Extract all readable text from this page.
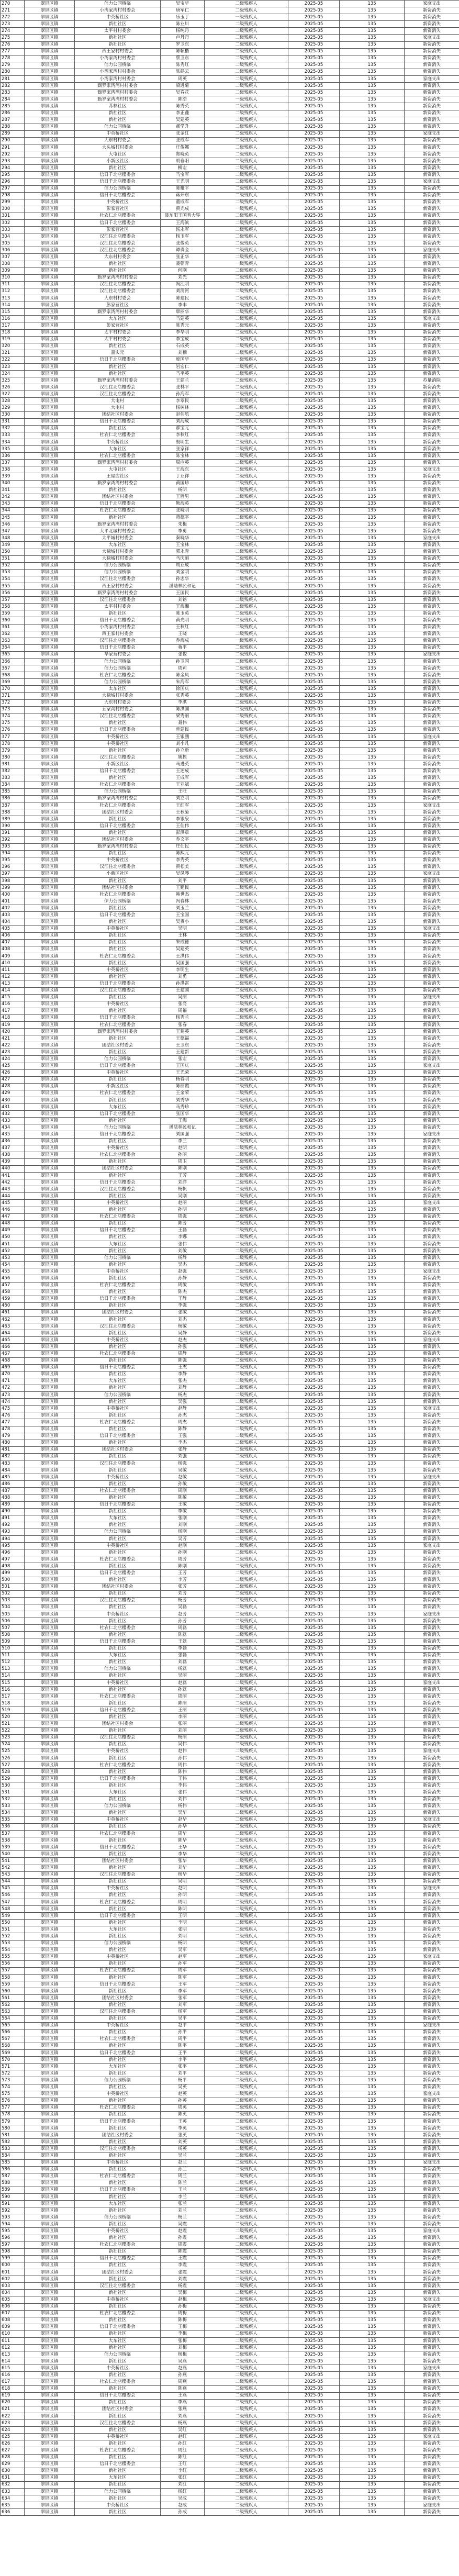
270	翠屏区镇	信力公园桥临	吴宝华	二级残疾人	2025-05	135	家庭支出
271	翠屏区镇	小湾家湾村村委会	唐军仁	二级残疾人	2025-05	135	新资消失
272	翠屏区镇	中英桥社区	乐玉丁	一级残疾人	2025-05	135	新资消失
273	翠屏区镇	新社社区	陈业川	二级残疾人	2025-05	135	新资消失
274	翠屏区镇	太平村村委会	杨纯丹	二级残疾人	2025-05	135	新资消失
275	翠屏区镇	新社社区	卢丹丹	二级残疾人	2025-05	135	家庭支出
276	翠屏区镇	新社社区	罗卫东	二级残疾人	2025-05	135	新资消失
277	翠屏区镇	西王家村村委会	陈帧楷	二级残疾人	2025-05	135	新资消失
278	翠屏区镇	小湾家湾村村委会	蔡卫东	二级残疾人	2025-05	135	新资消失
279	翠屏区镇	信力公园桥临	陈秀红	二级残疾人	2025-05	135	新资消失
280	翠屏区镇	小湾家湾村村委会	陈鹤云	二级残疾人	2025-05	135	新资消失
281	翠屏区镇	小湾家湾村村委会	周英	二级残疾人	2025-05	135	家庭支出
282	翠屏区镇	甄罗家湾湾村村委会	梁进菊	二级残疾人	2025-05	135	新资消失
283	翠屏区镇	甄罗家湾湾村村委会	吴春花	二级残疾人	2025-05	135	新资消失
284	翠屏区镇	甄罗家湾湾村村委会	陈浩	一级残疾人	2025-05	135	新资消失
285	翠屏区镇	苏林社区	陈秀英	二级残疾人	2025-05	135	新资消失
286	翠屏区镇	新社社区	李正鑫	二级残疾人	2025-05	135	新资消失
287	翠屏区镇	新社社区	吴建英	二级残疾人	2025-05	135	新资消失
288	翠屏区镇	信力公园桥临	郝学升	二级残疾人	2025-05	135	新资消失
289	翠屏区镇	中英桥社区	张金红	二级残疾人	2025-05	135	家庭支出
290	翠屏区镇	大东村村委会	张成军	二级残疾人	2025-05	135	新资消失
291	翠屏区镇	大头城村村委会	庄俊娜	二级残疾人	2025-05	135	新资消失
292	翠屏区镇	大屯社区	郑晓英	二级残疾人	2025-05	135	新资消失
293	翠屏区镇	小新区社区	胡春阳	二级残疾人	2025-05	135	新资消失
294	翠屏区镇	新社社区	柳宏	二级残疾人	2025-05	135	新资消失
295	翠屏区镇	信日千北店樱委会	马宝军	二级残疾人	2025-05	135	新资消失
296	翠屏区镇	信日千北店樱委会	王光明	二级残疾人	2025-05	135	家庭支出
297	翠屏区镇	信力公园桥临	陈耀平	二级残疾人	2025-05	135	新资消失
298	翠屏区镇	信日千北店樱委会	蒋开东	二级残疾人	2025-05	135	新资消失
299	翠屏区镇	中英桥社区	董成军	二级残疾人	2025-05	135	新资消失
300	翠屏区镇	彭家营社区	黄光成	一级残疾人	2025-05	135	新资消失
301	翠屏区镇	杜农仁北店樱委会	聂东阳王国普大界	二级残疾人	2025-05	135	新资消失
302	翠屏区镇	信日千北店樱委会	王海滨	二级残疾人	2025-05	135	新资消失
303	翠屏区镇	彭家营社区	汤永军	二级残疾人	2025-05	135	新资消失
304	翠屏区镇	汉江住北店樱委会	杨玉军	二级残疾人	2025-05	135	新资消失
305	翠屏区镇	汉江住北店樱委会	张俊英	二级残疾人	2025-05	135	新资消失
306	翠屏区镇	汉江住北店樱委会	谭贵金	二级残疾人	2025-05	135	家庭支出
307	翠屏区镇	大东村村委会	张正华	二级残疾人	2025-05	135	新资消失
308	翠屏区镇	新社社区	聂朝青	一级残疾人	2025-05	135	新资消失
309	翠屏区镇	新社社区	何刚	二级残疾人	2025-05	135	新资消失
310	翠屏区镇	甄罗家湾湾村村委会	刘光	二级残疾人	2025-05	135	新资消失
311	翠屏区镇	汉江住北店樱委会	冯江明	二级残疾人	2025-05	135	新资消失
312	翠屏区镇	汉江住北店樱委会	刘清河	二级残疾人	2025-05	135	新资消失
313	翠屏区镇	大东村村委会	陈建民	二级残疾人	2025-05	135	新资消失
314	翠屏区镇	彭家营社区	李丰	二级残疾人	2025-05	135	新资消失
315	翠屏区镇	甄罗家湾湾村村委会	覃丽华	二级残疾人	2025-05	135	新资消失
316	翠屏区镇	大东社区	马建英	二级残疾人	2025-05	135	家庭支出
317	翠屏区镇	彭家营社区	陈秀元	二级残疾人	2025-05	135	新资消失
318	翠屏区镇	太平村村委会	李华明	二级残疾人	2025-05	135	新资消失
319	翠屏区镇	太平村村委会	李宝成	二级残疾人	2025-05	135	新资消失
320	翠屏区镇	新社社区	石成英	二级残疾人	2025-05	135	新资消失
321	翠屏区镇	嘉实元	刘楠	二级残疾人	2025-05	135	新资消失
322	翠屏区镇	信日千北店樱委会	庞国华	一级残疾人	2025-05	135	新资消失
323	翠屏区镇	新社社区	岩宏仁	二级残疾人	2025-05	135	新资消失
324	翠屏区镇	新社社区	马平英	二级残疾人	2025-05	135	新资消失
325	翠屏区镇	甄罗家湾湾村村委会	王建兰	二级残疾人	2025-05	135	苏量消除
326	翠屏区镇	汉江住北店樱委会	张林平	二级残疾人	2025-05	135	新资消失
327	翠屏区镇	汉江住北店樱委会	孙海军	二级残疾人	2025-05	135	新资消失
328	翠屏区镇	大屯村	李翠民	二级残疾人	2025-05	135	新资消失
329	翠屏区镇	大屯村	杨树林	二级残疾人	2025-05	135	新资消失
330	翠屏区镇	团结社区村委会	赵伟航	二级残疾人	2025-05	135	新资消失
331	翠屏区镇	信日千北店樱委会	刘海成	二级残疾人	2025-05	135	新资消失
332	翠屏区镇	新社社区	郝宝元	二级残疾人	2025-05	135	新资消失
333	翠屏区镇	杜农仁北店樱委会	李秋红	二级残疾人	2025-05	135	新资消失
334	翠屏区镇	中英桥社区	殷明生	二级残疾人	2025-05	135	新资消失
335	翠屏区镇	大东社区	张家祥	二级残疾人	2025-05	135	新资消失
336	翠屏区镇	杜农仁北店樱委会	陈宝林	二级残疾人	2025-05	135	新资消失
337	翠屏区镇	甄罗家湾湾村村委会	周应英	二级残疾人	2025-05	135	新资消失
338	翠屏区镇	大屯社区	王海东	二级残疾人	2025-05	135	家庭支出
339	翠屏区镇	王屋店社区	丁亚祥	二级残疾人	2025-05	135	新资消失
340	翠屏区镇	甄罗家湾湾村村委会	黄国珍	二级残疾人	2025-05	135	新资消失
341	翠屏区镇	新社社区	杨明	二级残疾人	2025-05	135	新资消失
342	翠屏区镇	团结社区村委会	王胜男	二级残疾人	2025-05	135	新资消失
343	翠屏区镇	信日千北店樱委会	熊海英	二级残疾人	2025-05	135	新资消失
344	翠屏区镇	杜农仁北店樱委会	张晓明	二级残疾人	2025-05	135	新资消失
345	翠屏区镇	新社社区	蒋德平	二级残疾人	2025-05	135	新资消失
346	翠屏区镇	甄罗家湾湾村村委会	朱梅	二级残疾人	2025-05	135	新资消失
347	翠屏区镇	大平北城村村委会	李勇	二级残疾人	2025-05	135	新资消失
348	翠屏区镇	太平城村村委会	秦晓华	二级残疾人	2025-05	135	家庭支出
349	翠屏区镇	大东社区	王宝林	二级残疾人	2025-05	135	新资消失
350	翠屏区镇	大禄城村村委会	郭永青	二级残疾人	2025-05	135	新资消失
351	翠屏区镇	大禄城村村委会	马庆丽	二级残疾人	2025-05	135	新资消失
352	翠屏区镇	信力公园桥临	周业成	二级残疾人	2025-05	135	新资消失
353	翠屏区镇	信力公园桥临	刘金明	二级残疾人	2025-05	135	新资消失
354	翠屏区镇	汉江住北店樱委会	孙忠华	二级残疾人	2025-05	135	新资消失
355	翠屏区镇	西王家村村委会	潘陆林民和记	二级残疾人	2025-05	135	新资消失
356	翠屏区镇	甄罗家湾湾村村委会	王国民	二级残疾人	2025-05	135	新资消失
357	翠屏区镇	汉江住北店樱委会	刘铭	二级残疾人	2025-05	135	新资消失
358	翠屏区镇	太平村村委会	王海湘	二级残疾人	2025-05	135	新资消失
359	翠屏区镇	新社社区	陈玉英	二级残疾人	2025-05	135	新资消失
360	翠屏区镇	信日千北店樱委会	黄光明	二级残疾人	2025-05	135	新资消失
361	翠屏区镇	小湾家湾村村委会	王秋红	二级残疾人	2025-05	135	新资消失
362	翠屏区镇	西王家村村委会	王晓	二级残疾人	2025-05	135	新资消失
363	翠屏区镇	汉江住北店樱委会	乔海成	一级残疾人	2025-05	135	新资消失
364	翠屏区镇	信日千北店樱委会	蒋平	二级残疾人	2025-05	135	新资消失
365	翠屏区镇	华家营村委会	张俊	二级残疾人	2025-05	135	家庭支出
366	翠屏区镇	信力公园桥临	孙卫国	二级残疾人	2025-05	135	新资消失
367	翠屏区镇	信力公园桥临	周莉	二级残疾人	2025-05	135	新资消失
368	翠屏区镇	杜农仁北店樱委会	陈金凤	二级残疾人	2025-05	135	新资消失
369	翠屏区镇	信力公园桥临	朱海军	二级残疾人	2025-05	135	新资消失
370	翠屏区镇	太东社区	徐国庆	二级残疾人	2025-05	135	新资消失
371	翠屏区镇	大禄城村村委会	张秀英	二级残疾人	2025-05	135	新资消失
372	翠屏区镇	大东村村委会	李洪	二级残疾人	2025-05	135	新资消失
373	翠屏区镇	五家沟村村委会	陈洪国	二级残疾人	2025-05	135	新资消失
374	翠屏区镇	汉江住北店樱委会	梁秀丽	二级残疾人	2025-05	135	新资消失
375	翠屏区镇	新社社区	聂伟	二级残疾人	2025-05	135	新资消失
376	翠屏区镇	信日千北店樱委会	曾建民	二级残疾人	2025-05	135	新资消失
377	翠屏区镇	中英桥社区	王银鹏	二级残疾人	2025-05	135	家庭支出
378	翠屏区镇	中英桥社区	刘小凡	二级残疾人	2025-05	135	新资消失
379	翠屏区镇	新社社区	孙立新	二级残疾人	2025-05	135	新资消失
380	翠屏区镇	汉江住北店樱委会	姚振	二级残疾人	2025-05	135	新资消失
381	翠屏区镇	小新区社区	马进英	二级残疾人	2025-05	135	新资消失
382	翠屏区镇	信日千北店樱委会	王述成	二级残疾人	2025-05	135	新资消失
383	翠屏区镇	新社社区	王成军	二级残疾人	2025-05	135	新资消失
384	翠屏区镇	杜农仁北店樱委会	王亚斌	二级残疾人	2025-05	135	新资消失
385	翠屏区镇	信力公园桥临	王旺	二级残疾人	2025-05	135	新资消失
386	翠屏区镇	甄罗家湾湾村村委会	刘立明	二级残疾人	2025-05	135	新资消失
387	翠屏区镇	杜农仁北店樱委会	王红军	二级残疾人	2025-05	135	家庭支出
388	翠屏区镇	团结社区村委会	王秋菊	二级残疾人	2025-05	135	新资消失
389	翠屏区镇	新社社区	李银泉	二级残疾人	2025-05	135	新资消失
390	翠屏区镇	信日千北店樱委会	王佳伟	二级残疾人	2025-05	135	新资消失
391	翠屏区镇	新社社区	彭洪章	二级残疾人	2025-05	135	新资消失
392	翠屏区镇	团结社区村委会	乔文平	二级残疾人	2025-05	135	新资消失
393	翠屏区镇	甄罗家湾湾村村委会	庄仕民	二级残疾人	2025-05	135	新资消失
394	翠屏区镇	新社社区	陈熙元	二级残疾人	2025-05	135	新资消失
395	翠屏区镇	中英桥社区	李秀英	二级残疾人	2025-05	135	新资消失
396	翠屏区镇	汉江住北店樱委会	黄松美	二级残疾人	2025-05	135	新资消失
397	翠屏区镇	小新区社区	吴凤琴	二级残疾人	2025-05	135	家庭支出
398	翠屏区镇	新社社区	刘平	二级残疾人	2025-05	135	新资消失
399	翠屏区镇	团结社区村委会	王勤民	二级残疾人	2025-05	135	新资消失
400	翠屏区镇	杜农仁北店樱委会	韩世杰	二级残疾人	2025-05	135	新资消失
401	翠屏区镇	伊力公园桥临	冯春林	二级残疾人	2025-05	135	新资消失
402	翠屏区镇	新社社区	刘玉兰	二级残疾人	2025-05	135	新资消失
403	翠屏区镇	信日千北店樱委会	王宝国	二级残疾人	2025-05	135	新资消失
404	翠屏区镇	新社社区	吴贵小	二级残疾人	2025-05	135	新资消失
405	翠屏区镇	中英桥社区	吴明	二级残疾人	2025-05	135	家庭支出
406	翠屏区镇	新社社区	王林	二级残疾人	2025-05	135	新资消失
407	翠屏区镇	新社社区	朱成德	二级残疾人	2025-05	135	新资消失
408	翠屏区镇	新社社区	吴建英	二级残疾人	2025-05	135	新资消失
409	翠屏区镇	杜农仁北店樱委会	王洪伟	二级残疾人	2025-05	135	新资消失
410	翠屏区镇	新社社区	吴国强	二级残疾人	2025-05	135	新资消失
411	翠屏区镇	中英桥社区	李明生	二级残疾人	2025-05	135	新资消失
412	翠屏区镇	新社社区	刘勇	二级残疾人	2025-05	135	新资消失
413	翠屏区镇	信日千北店樱委会	孙洪雷	二级残疾人	2025-05	135	新资消失
414	翠屏区镇	汉江住北店樱委会	王建国	二级残疾人	2025-05	135	新资消失
415	翠屏区镇	新社社区	吴丽	二级残疾人	2025-05	135	家庭支出
416	翠屏区镇	中英桥社区	张亮	二级残疾人	2025-05	135	新资消失
417	翠屏区镇	新社社区	周福	二级残疾人	2025-05	135	新资消失
418	翠屏区镇	信日千北店樱委会	杨秀兰	二级残疾人	2025-05	135	新资消失
419	翠屏区镇	杜农仁北店樱委会	张春	二级残疾人	2025-05	135	新资消失
420	翠屏区镇	甄罗家湾湾村村委会	王菊英	二级残疾人	2025-05	135	新资消失
421	翠屏区镇	新社社区	王德福	二级残疾人	2025-05	135	新资消失
422	翠屏区镇	团结社区村委会	王卫东	二级残疾人	2025-05	135	新资消失
423	翠屏区镇	新社社区	王建新	二级残疾人	2025-05	135	新资消失
424	翠屏区镇	信力公园桥临	张宏	二级残疾人	2025-05	135	新资消失
425	翠屏区镇	信日千北店樱委会	王国庆	二级残疾人	2025-05	135	家庭支出
426	翠屏区镇	中英桥社区	王光荣	二级残疾人	2025-05	135	新资消失
427	翠屏区镇	新社社区	杨春明	二级残疾人	2025-05	135	新资消失
428	翠屏区镇	小新区社区	陈丽霞	二级残疾人	2025-05	135	新资消失
429	翠屏区镇	杜农仁北店樱委会	王金荣	二级残疾人	2025-05	135	新资消失
430	翠屏区镇	新社社区	刘秀华	二级残疾人	2025-05	135	新资消失
431	翠屏区镇	大东社区	马秀珍	二级残疾人	2025-05	135	新资消失
432	翠屏区镇	信日千北店樱委会	张国华	二级残疾人	2025-05	135	新资消失
433	翠屏区镇	新社社区	王海	二级残疾人	2025-05	135	新资消失
434	翠屏区镇	信力公园桥临	潘陆林民和记	二级残疾人	2025-05	135	新资消失
435	翠屏区镇	信日千北店樱委会	刘国强	二级残疾人	2025-05	135	家庭支出
436	翠屏区镇	新社社区	李兰	二级残疾人	2025-05	135	新资消失
437	翠屏区镇	中英桥社区	赵明	二级残疾人	2025-05	135	新资消失
438	翠屏区镇	杜农仁北店樱委会	孙丽	二级残疾人	2025-05	135	新资消失
439	翠屏区镇	新社社区	周卫	二级残疾人	2025-05	135	新资消失
440	翠屏区镇	团结社区村委会	陈刚	二级残疾人	2025-05	135	新资消失
441	翠屏区镇	新社社区	王芳	二级残疾人	2025-05	135	新资消失
442	翠屏区镇	信日千北店樱委会	刘洋	二级残疾人	2025-05	135	新资消失
443	翠屏区镇	汉江住北店樱委会	杨帆	二级残疾人	2025-05	135	新资消失
444	翠屏区镇	新社社区	吴刚	二级残疾人	2025-05	135	新资消失
445	翠屏区镇	中英桥社区	赵丽	二级残疾人	2025-05	135	家庭支出
446	翠屏区镇	新社社区	孙明	二级残疾人	2025-05	135	新资消失
447	翠屏区镇	杜农仁北店樱委会	周强	二级残疾人	2025-05	135	新资消失
448	翠屏区镇	新社社区	陈芳	二级残疾人	2025-05	135	新资消失
449	翠屏区镇	信日千北店樱委会	王磊	二级残疾人	2025-05	135	新资消失
450	翠屏区镇	新社社区	李娜	二级残疾人	2025-05	135	新资消失
451	翠屏区镇	大东社区	张伟	二级残疾人	2025-05	135	新资消失
452	翠屏区镇	新社社区	刘敏	二级残疾人	2025-05	135	新资消失
453	翠屏区镇	信力公园桥临	杨静	二级残疾人	2025-05	135	新资消失
454	翠屏区镇	新社社区	吴杰	二级残疾人	2025-05	135	新资消失
455	翠屏区镇	中英桥社区	赵强	二级残疾人	2025-05	135	家庭支出
456	翠屏区镇	新社社区	孙静	二级残疾人	2025-05	135	新资消失
457	翠屏区镇	杜农仁北店樱委会	周敏	二级残疾人	2025-05	135	新资消失
458	翠屏区镇	新社社区	陈杰	二级残疾人	2025-05	135	新资消失
459	翠屏区镇	信日千北店樱委会	王静	二级残疾人	2025-05	135	新资消失
460	翠屏区镇	新社社区	李强	二级残疾人	2025-05	135	新资消失
461	翠屏区镇	团结社区村委会	张敏	二级残疾人	2025-05	135	新资消失
462	翠屏区镇	新社社区	刘杰	二级残疾人	2025-05	135	新资消失
463	翠屏区镇	汉江住北店樱委会	杨敏	二级残疾人	2025-05	135	新资消失
464	翠屏区镇	新社社区	吴静	二级残疾人	2025-05	135	新资消失
465	翠屏区镇	中英桥社区	赵杰	二级残疾人	2025-05	135	家庭支出
466	翠屏区镇	新社社区	孙强	二级残疾人	2025-05	135	新资消失
467	翠屏区镇	杜农仁北店樱委会	周静	二级残疾人	2025-05	135	新资消失
468	翠屏区镇	新社社区	陈强	二级残疾人	2025-05	135	新资消失
469	翠屏区镇	信日千北店樱委会	王杰	二级残疾人	2025-05	135	新资消失
470	翠屏区镇	新社社区	李静	二级残疾人	2025-05	135	新资消失
471	翠屏区镇	大东社区	张杰	二级残疾人	2025-05	135	新资消失
472	翠屏区镇	新社社区	刘静	二级残疾人	2025-05	135	新资消失
473	翠屏区镇	信力公园桥临	杨杰	二级残疾人	2025-05	135	新资消失
474	翠屏区镇	新社社区	吴强	二级残疾人	2025-05	135	新资消失
475	翠屏区镇	中英桥社区	赵静	二级残疾人	2025-05	135	家庭支出
476	翠屏区镇	新社社区	孙杰	二级残疾人	2025-05	135	新资消失
477	翠屏区镇	杜农仁北店樱委会	周杰	二级残疾人	2025-05	135	新资消失
478	翠屏区镇	新社社区	陈静	二级残疾人	2025-05	135	新资消失
479	翠屏区镇	信日千北店樱委会	王强	二级残疾人	2025-05	135	新资消失
480	翠屏区镇	新社社区	李杰	二级残疾人	2025-05	135	新资消失
481	翠屏区镇	团结社区村委会	张静	二级残疾人	2025-05	135	新资消失
482	翠屏区镇	新社社区	刘强	二级残疾人	2025-05	135	新资消失
483	翠屏区镇	汉江住北店樱委会	杨强	二级残疾人	2025-05	135	新资消失
484	翠屏区镇	新社社区	吴敏	二级残疾人	2025-05	135	新资消失
485	翠屏区镇	中英桥社区	赵敏	二级残疾人	2025-05	135	家庭支出
486	翠屏区镇	新社社区	孙敏	二级残疾人	2025-05	135	新资消失
487	翠屏区镇	杜农仁北店樱委会	周刚	二级残疾人	2025-05	135	新资消失
488	翠屏区镇	新社社区	陈敏	二级残疾人	2025-05	135	新资消失
489	翠屏区镇	信日千北店樱委会	王敏	二级残疾人	2025-05	135	新资消失
490	翠屏区镇	新社社区	李敏	二级残疾人	2025-05	135	新资消失
491	翠屏区镇	大东社区	张刚	二级残疾人	2025-05	135	新资消失
492	翠屏区镇	新社社区	刘刚	二级残疾人	2025-05	135	新资消失
493	翠屏区镇	信力公园桥临	杨刚	二级残疾人	2025-05	135	新资消失
494	翠屏区镇	新社社区	吴芳	二级残疾人	2025-05	135	新资消失
495	翠屏区镇	中英桥社区	赵刚	二级残疾人	2025-05	135	家庭支出
496	翠屏区镇	新社社区	孙刚	二级残疾人	2025-05	135	新资消失
497	翠屏区镇	杜农仁北店樱委会	周芳	二级残疾人	2025-05	135	新资消失
498	翠屏区镇	新社社区	陈刚	二级残疾人	2025-05	135	新资消失
499	翠屏区镇	信日千北店樱委会	王芳	二级残疾人	2025-05	135	新资消失
500	翠屏区镇	新社社区	李芳	二级残疾人	2025-05	135	新资消失
501	翠屏区镇	团结社区村委会	张芳	二级残疾人	2025-05	135	新资消失
502	翠屏区镇	新社社区	刘芳	二级残疾人	2025-05	135	新资消失
503	翠屏区镇	汉江住北店樱委会	杨芳	二级残疾人	2025-05	135	新资消失
504	翠屏区镇	新社社区	吴磊	二级残疾人	2025-05	135	新资消失
505	翠屏区镇	中英桥社区	赵芳	二级残疾人	2025-05	135	家庭支出
506	翠屏区镇	新社社区	孙芳	二级残疾人	2025-05	135	新资消失
507	翠屏区镇	杜农仁北店樱委会	周磊	二级残疾人	2025-05	135	新资消失
508	翠屏区镇	新社社区	陈磊	二级残疾人	2025-05	135	新资消失
509	翠屏区镇	信日千北店樱委会	王磊	二级残疾人	2025-05	135	新资消失
510	翠屏区镇	新社社区	李磊	二级残疾人	2025-05	135	新资消失
511	翠屏区镇	大东社区	张磊	二级残疾人	2025-05	135	新资消失
512	翠屏区镇	新社社区	刘磊	二级残疾人	2025-05	135	新资消失
513	翠屏区镇	信力公园桥临	杨磊	二级残疾人	2025-05	135	新资消失
514	翠屏区镇	新社社区	吴丽	二级残疾人	2025-05	135	新资消失
515	翠屏区镇	中英桥社区	赵磊	二级残疾人	2025-05	135	家庭支出
516	翠屏区镇	新社社区	孙磊	二级残疾人	2025-05	135	新资消失
517	翠屏区镇	杜农仁北店樱委会	周丽	二级残疾人	2025-05	135	新资消失
518	翠屏区镇	新社社区	陈丽	二级残疾人	2025-05	135	新资消失
519	翠屏区镇	信日千北店樱委会	王丽	二级残疾人	2025-05	135	新资消失
520	翠屏区镇	新社社区	李丽	二级残疾人	2025-05	135	新资消失
521	翠屏区镇	团结社区村委会	张丽	二级残疾人	2025-05	135	新资消失
522	翠屏区镇	新社社区	刘丽	二级残疾人	2025-05	135	新资消失
523	翠屏区镇	汉江住北店樱委会	杨丽	二级残疾人	2025-05	135	新资消失
524	翠屏区镇	新社社区	吴伟	二级残疾人	2025-05	135	新资消失
525	翠屏区镇	中英桥社区	赵伟	二级残疾人	2025-05	135	家庭支出
526	翠屏区镇	新社社区	孙伟	二级残疾人	2025-05	135	新资消失
527	翠屏区镇	杜农仁北店樱委会	周伟	二级残疾人	2025-05	135	新资消失
528	翠屏区镇	新社社区	陈伟	二级残疾人	2025-05	135	新资消失
529	翠屏区镇	信日千北店樱委会	王伟	二级残疾人	2025-05	135	新资消失
530	翠屏区镇	新社社区	李伟	二级残疾人	2025-05	135	新资消失
531	翠屏区镇	大东社区	张伟	二级残疾人	2025-05	135	新资消失
532	翠屏区镇	新社社区	刘伟	二级残疾人	2025-05	135	新资消失
533	翠屏区镇	信力公园桥临	杨伟	二级残疾人	2025-05	135	新资消失
534	翠屏区镇	新社社区	吴华	二级残疾人	2025-05	135	新资消失
535	翠屏区镇	中英桥社区	赵华	二级残疾人	2025-05	135	家庭支出
536	翠屏区镇	新社社区	孙华	二级残疾人	2025-05	135	新资消失
537	翠屏区镇	杜农仁北店樱委会	周华	二级残疾人	2025-05	135	新资消失
538	翠屏区镇	新社社区	陈华	二级残疾人	2025-05	135	新资消失
539	翠屏区镇	信日千北店樱委会	王华	二级残疾人	2025-05	135	新资消失
540	翠屏区镇	新社社区	李华	二级残疾人	2025-05	135	新资消失
541	翠屏区镇	团结社区村委会	张华	二级残疾人	2025-05	135	新资消失
542	翠屏区镇	新社社区	刘华	二级残疾人	2025-05	135	新资消失
543	翠屏区镇	汉江住北店樱委会	杨华	二级残疾人	2025-05	135	新资消失
544	翠屏区镇	新社社区	吴明	二级残疾人	2025-05	135	新资消失
545	翠屏区镇	中英桥社区	赵明	二级残疾人	2025-05	135	家庭支出
546	翠屏区镇	新社社区	孙明	二级残疾人	2025-05	135	新资消失
547	翠屏区镇	杜农仁北店樱委会	周明	二级残疾人	2025-05	135	新资消失
548	翠屏区镇	新社社区	陈明	二级残疾人	2025-05	135	新资消失
549	翠屏区镇	信日千北店樱委会	王明	二级残疾人	2025-05	135	新资消失
550	翠屏区镇	新社社区	李明	二级残疾人	2025-05	135	新资消失
551	翠屏区镇	大东社区	张明	二级残疾人	2025-05	135	新资消失
552	翠屏区镇	新社社区	刘明	二级残疾人	2025-05	135	新资消失
553	翠屏区镇	信力公园桥临	杨明	二级残疾人	2025-05	135	新资消失
554	翠屏区镇	新社社区	吴军	二级残疾人	2025-05	135	新资消失
555	翠屏区镇	中英桥社区	赵军	二级残疾人	2025-05	135	家庭支出
556	翠屏区镇	新社社区	孙军	二级残疾人	2025-05	135	新资消失
557	翠屏区镇	杜农仁北店樱委会	周军	二级残疾人	2025-05	135	新资消失
558	翠屏区镇	新社社区	陈军	二级残疾人	2025-05	135	新资消失
559	翠屏区镇	信日千北店樱委会	王军	二级残疾人	2025-05	135	新资消失
560	翠屏区镇	新社社区	李军	二级残疾人	2025-05	135	新资消失
561	翠屏区镇	团结社区村委会	张军	二级残疾人	2025-05	135	新资消失
562	翠屏区镇	新社社区	刘军	二级残疾人	2025-05	135	新资消失
563	翠屏区镇	汉江住北店樱委会	杨军	二级残疾人	2025-05	135	新资消失
564	翠屏区镇	新社社区	吴平	二级残疾人	2025-05	135	新资消失
565	翠屏区镇	中英桥社区	赵平	二级残疾人	2025-05	135	家庭支出
566	翠屏区镇	新社社区	孙平	二级残疾人	2025-05	135	新资消失
567	翠屏区镇	杜农仁北店樱委会	周平	二级残疾人	2025-05	135	新资消失
568	翠屏区镇	新社社区	陈平	二级残疾人	2025-05	135	新资消失
569	翠屏区镇	信日千北店樱委会	王平	二级残疾人	2025-05	135	新资消失
570	翠屏区镇	新社社区	李平	二级残疾人	2025-05	135	新资消失
571	翠屏区镇	大东社区	张平	二级残疾人	2025-05	135	新资消失
572	翠屏区镇	新社社区	刘平	二级残疾人	2025-05	135	新资消失
573	翠屏区镇	信力公园桥临	杨平	二级残疾人	2025-05	135	新资消失
574	翠屏区镇	新社社区	吴英	二级残疾人	2025-05	135	新资消失
575	翠屏区镇	中英桥社区	赵英	二级残疾人	2025-05	135	家庭支出
576	翠屏区镇	新社社区	孙英	二级残疾人	2025-05	135	新资消失
577	翠屏区镇	杜农仁北店樱委会	周英	二级残疾人	2025-05	135	新资消失
578	翠屏区镇	新社社区	陈英	二级残疾人	2025-05	135	新资消失
579	翠屏区镇	信日千北店樱委会	王英	二级残疾人	2025-05	135	新资消失
580	翠屏区镇	新社社区	李英	二级残疾人	2025-05	135	新资消失
581	翠屏区镇	团结社区村委会	张英	二级残疾人	2025-05	135	新资消失
582	翠屏区镇	新社社区	刘英	二级残疾人	2025-05	135	新资消失
583	翠屏区镇	汉江住北店樱委会	杨英	二级残疾人	2025-05	135	新资消失
584	翠屏区镇	新社社区	吴兰	二级残疾人	2025-05	135	新资消失
585	翠屏区镇	中英桥社区	赵兰	二级残疾人	2025-05	135	家庭支出
586	翠屏区镇	新社社区	孙兰	二级残疾人	2025-05	135	新资消失
587	翠屏区镇	杜农仁北店樱委会	周兰	二级残疾人	2025-05	135	新资消失
588	翠屏区镇	新社社区	陈兰	二级残疾人	2025-05	135	新资消失
589	翠屏区镇	信日千北店樱委会	王兰	二级残疾人	2025-05	135	新资消失
590	翠屏区镇	新社社区	李兰	二级残疾人	2025-05	135	新资消失
591	翠屏区镇	大东社区	张兰	二级残疾人	2025-05	135	新资消失
592	翠屏区镇	新社社区	刘兰	二级残疾人	2025-05	135	新资消失
593	翠屏区镇	信力公园桥临	杨兰	二级残疾人	2025-05	135	新资消失
594	翠屏区镇	新社社区	吴霞	二级残疾人	2025-05	135	新资消失
595	翠屏区镇	中英桥社区	赵霞	二级残疾人	2025-05	135	家庭支出
596	翠屏区镇	新社社区	孙霞	二级残疾人	2025-05	135	新资消失
597	翠屏区镇	杜农仁北店樱委会	周霞	二级残疾人	2025-05	135	新资消失
598	翠屏区镇	新社社区	陈霞	二级残疾人	2025-05	135	新资消失
599	翠屏区镇	信日千北店樱委会	王霞	二级残疾人	2025-05	135	新资消失
600	翠屏区镇	新社社区	李霞	二级残疾人	2025-05	135	新资消失
601	翠屏区镇	团结社区村委会	张霞	二级残疾人	2025-05	135	新资消失
602	翠屏区镇	新社社区	刘霞	二级残疾人	2025-05	135	新资消失
603	翠屏区镇	汉江住北店樱委会	杨霞	二级残疾人	2025-05	135	新资消失
604	翠屏区镇	新社社区	吴梅	二级残疾人	2025-05	135	新资消失
605	翠屏区镇	中英桥社区	赵梅	二级残疾人	2025-05	135	家庭支出
606	翠屏区镇	新社社区	孙梅	二级残疾人	2025-05	135	新资消失
607	翠屏区镇	杜农仁北店樱委会	周梅	二级残疾人	2025-05	135	新资消失
608	翠屏区镇	新社社区	陈梅	二级残疾人	2025-05	135	新资消失
609	翠屏区镇	信日千北店樱委会	王梅	二级残疾人	2025-05	135	新资消失
610	翠屏区镇	新社社区	李梅	二级残疾人	2025-05	135	新资消失
611	翠屏区镇	大东社区	张梅	二级残疾人	2025-05	135	新资消失
612	翠屏区镇	新社社区	刘梅	二级残疾人	2025-05	135	新资消失
613	翠屏区镇	信力公园桥临	杨梅	二级残疾人	2025-05	135	新资消失
614	翠屏区镇	新社社区	吴燕	二级残疾人	2025-05	135	新资消失
615	翠屏区镇	中英桥社区	赵燕	二级残疾人	2025-05	135	家庭支出
616	翠屏区镇	新社社区	孙燕	二级残疾人	2025-05	135	新资消失
617	翠屏区镇	杜农仁北店樱委会	周燕	二级残疾人	2025-05	135	新资消失
618	翠屏区镇	新社社区	陈燕	二级残疾人	2025-05	135	新资消失
619	翠屏区镇	信日千北店樱委会	王燕	二级残疾人	2025-05	135	新资消失
620	翠屏区镇	新社社区	李燕	二级残疾人	2025-05	135	新资消失
621	翠屏区镇	团结社区村委会	张燕	二级残疾人	2025-05	135	新资消失
622	翠屏区镇	新社社区	刘燕	二级残疾人	2025-05	135	新资消失
623	翠屏区镇	汉江住北店樱委会	杨燕	二级残疾人	2025-05	135	新资消失
624	翠屏区镇	新社社区	吴红	二级残疾人	2025-05	135	新资消失
625	翠屏区镇	中英桥社区	赵红	二级残疾人	2025-05	135	家庭支出
626	翠屏区镇	新社社区	孙红	二级残疾人	2025-05	135	新资消失
627	翠屏区镇	杜农仁北店樱委会	周红	二级残疾人	2025-05	135	新资消失
628	翠屏区镇	新社社区	陈红	二级残疾人	2025-05	135	新资消失
629	翠屏区镇	信日千北店樱委会	王红	二级残疾人	2025-05	135	新资消失
630	翠屏区镇	新社社区	李红	二级残疾人	2025-05	135	新资消失
631	翠屏区镇	大东社区	张红	二级残疾人	2025-05	135	新资消失
632	翠屏区镇	新社社区	刘红	二级残疾人	2025-05	135	新资消失
633	翠屏区镇	信力公园桥临	杨红	二级残疾人	2025-05	135	新资消失
634	翠屏区镇	新社社区	吴成	二级残疾人	2025-05	135	新资消失
635	翠屏区镇	中英桥社区	赵成	二级残疾人	2025-05	135	家庭支出
636	翠屏区镇	新社社区	孙成	二级残疾人	2025-05	135	新资消失
